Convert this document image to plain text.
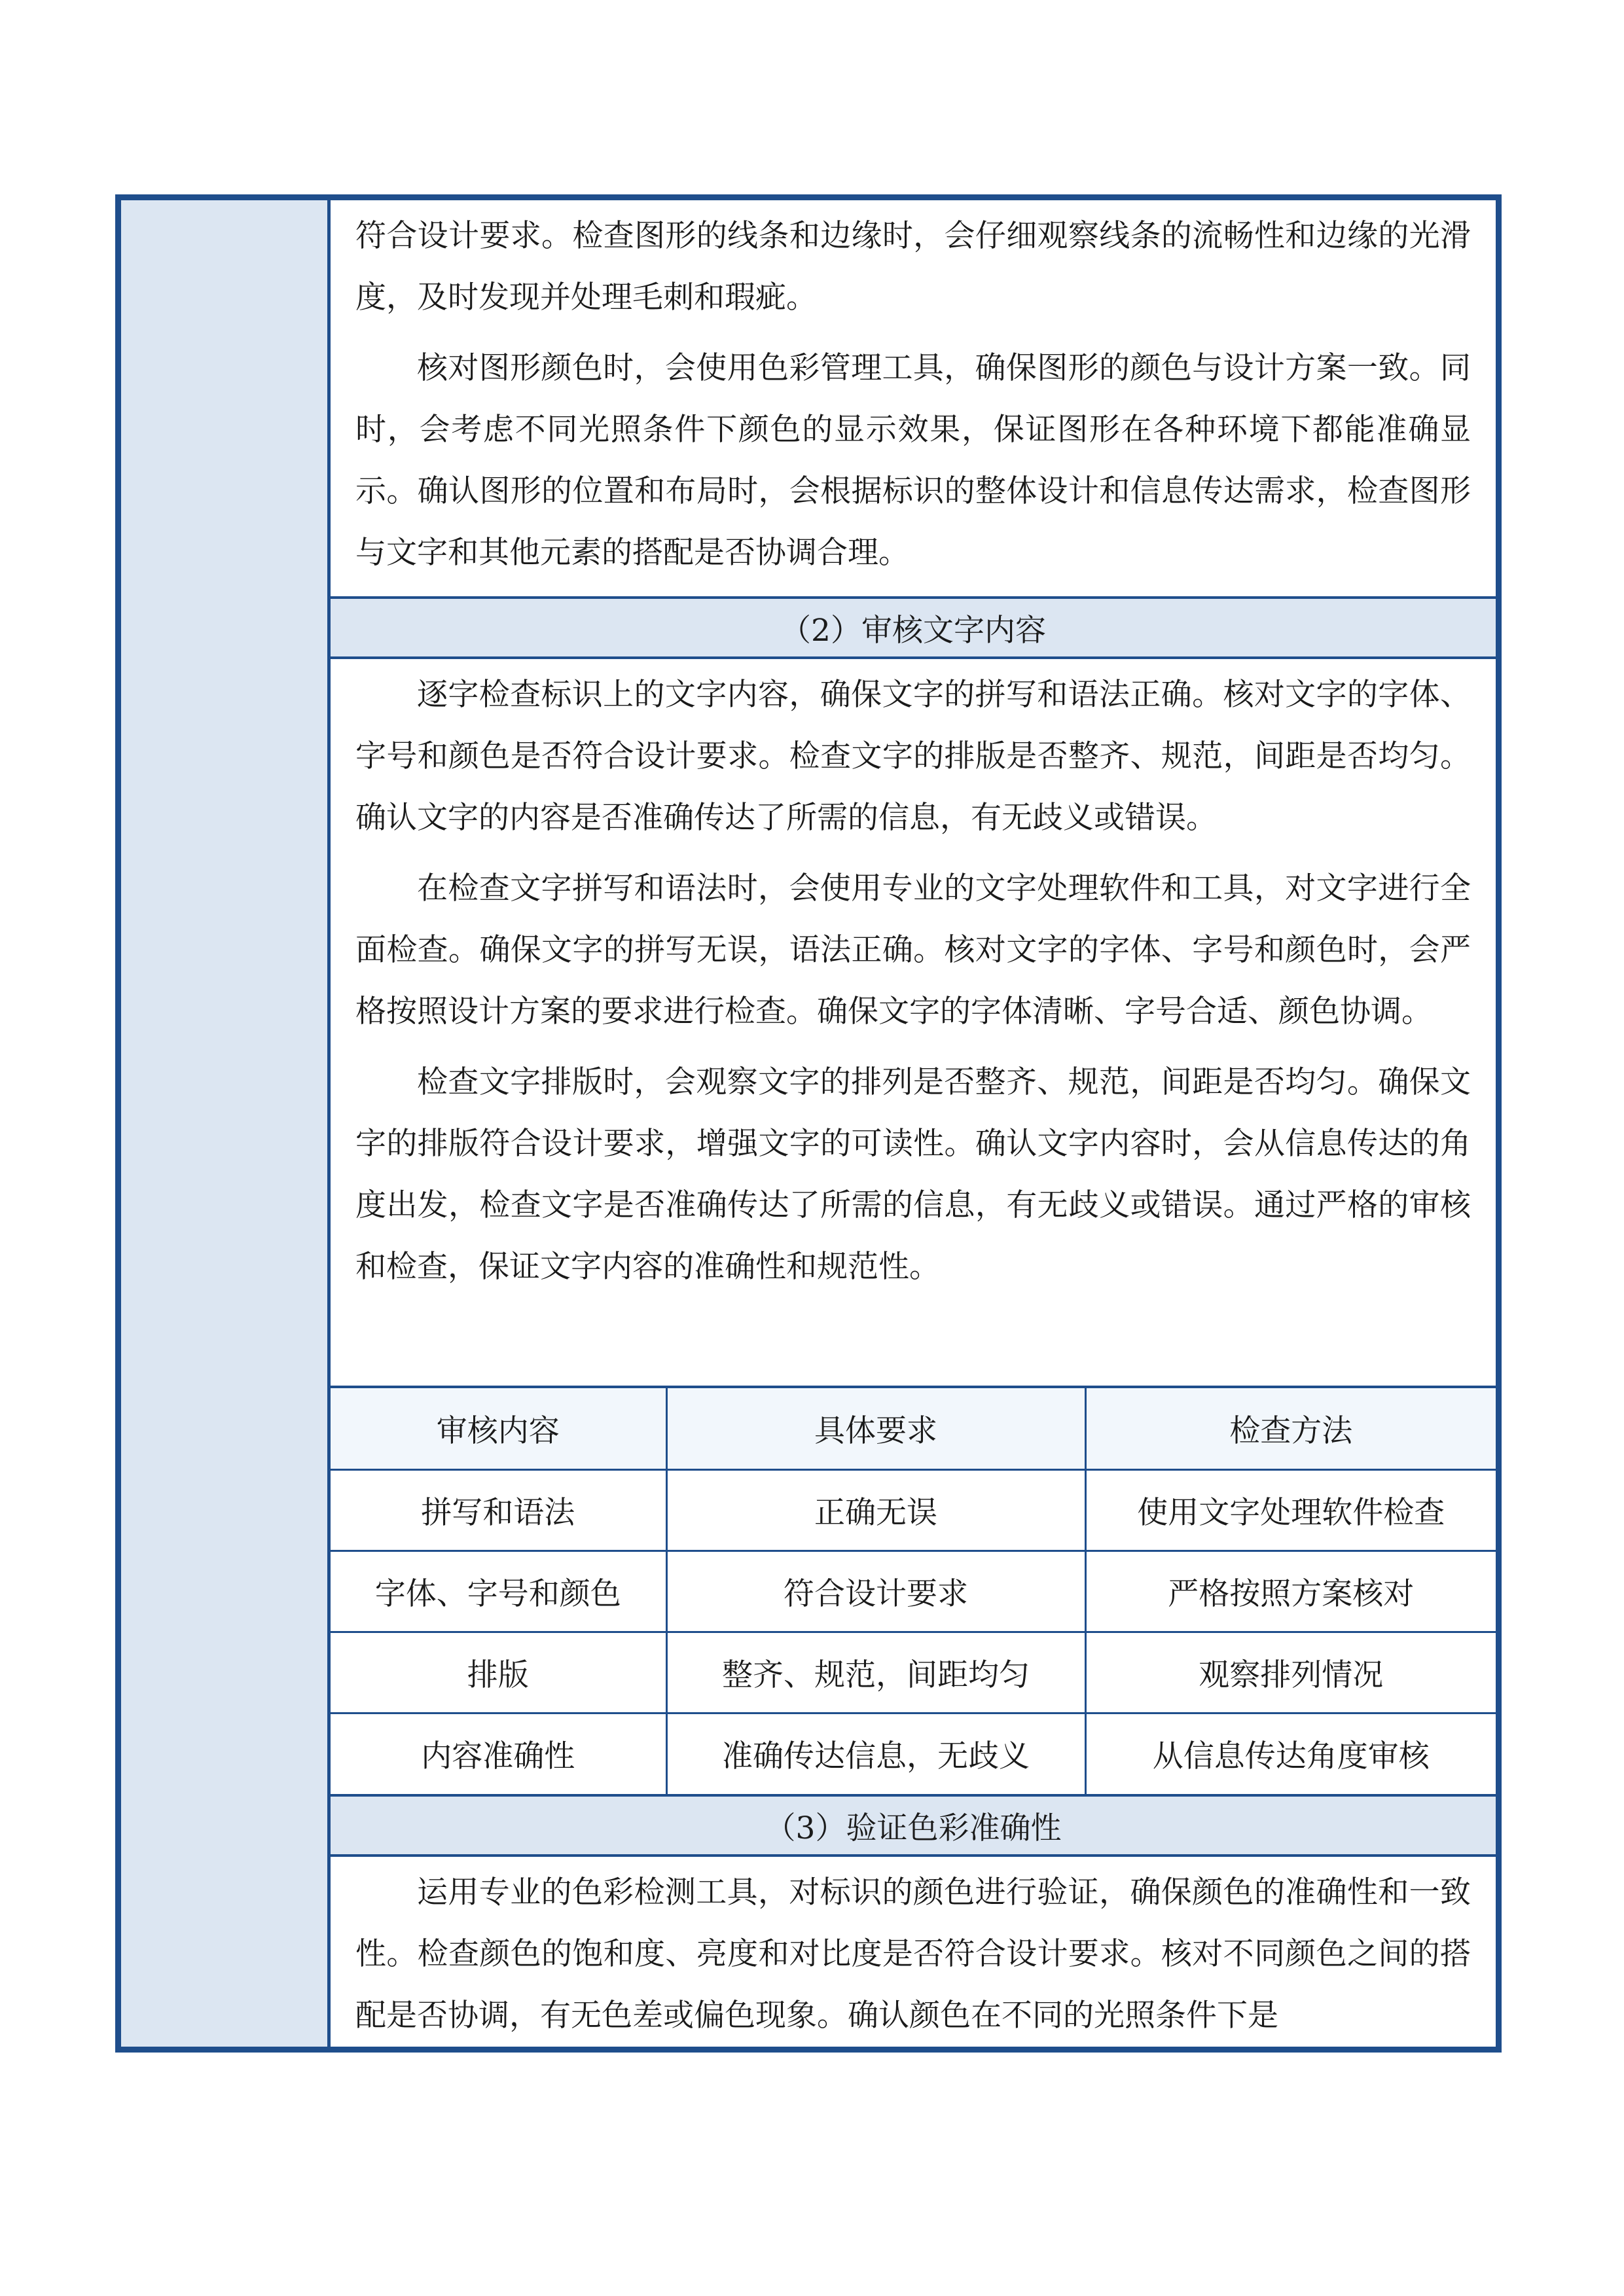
符合设计要求。检查图形的线条和边缘时，会仔细观察线条的流畅性和边缘的光滑度，及时发现并处理毛刺和瑕疵。

核对图形颜色时，会使用色彩管理工具，确保图形的颜色与设计方案一致。同时，会考虑不同光照条件下颜色的显示效果，保证图形在各种环境下都能准确显示。确认图形的位置和布局时，会根据标识的整体设计和信息传达需求，检查图形与文字和其他元素的搭配是否协调合理。

（2）审核文字内容

逐字检查标识上的文字内容，确保文字的拼写和语法正确。核对文字的字体、字号和颜色是否符合设计要求。检查文字的排版是否整齐、规范，间距是否均匀。确认文字的内容是否准确传达了所需的信息，有无歧义或错误。

在检查文字拼写和语法时，会使用专业的文字处理软件和工具，对文字进行全面检查。确保文字的拼写无误，语法正确。核对文字的字体、字号和颜色时，会严格按照设计方案的要求进行检查。确保文字的字体清晰、字号合适、颜色协调。

检查文字排版时，会观察文字的排列是否整齐、规范，间距是否均匀。确保文字的排版符合设计要求，增强文字的可读性。确认文字内容时，会从信息传达的角度出发，检查文字是否准确传达了所需的信息，有无歧义或错误。通过严格的审核和检查，保证文字内容的准确性和规范性。

审核内容	具体要求	检查方法
拼写和语法	正确无误	使用文字处理软件检查
字体、字号和颜色	符合设计要求	严格按照方案核对
排版	整齐、规范，间距均匀	观察排列情况
内容准确性	准确传达信息，无歧义	从信息传达角度审核
（3）验证色彩准确性

运用专业的色彩检测工具，对标识的颜色进行验证，确保颜色的准确性和一致性。检查颜色的饱和度、亮度和对比度是否符合设计要求。核对不同颜色之间的搭配是否协调，有无色差或偏色现象。确认颜色在不同的光照条件下是
